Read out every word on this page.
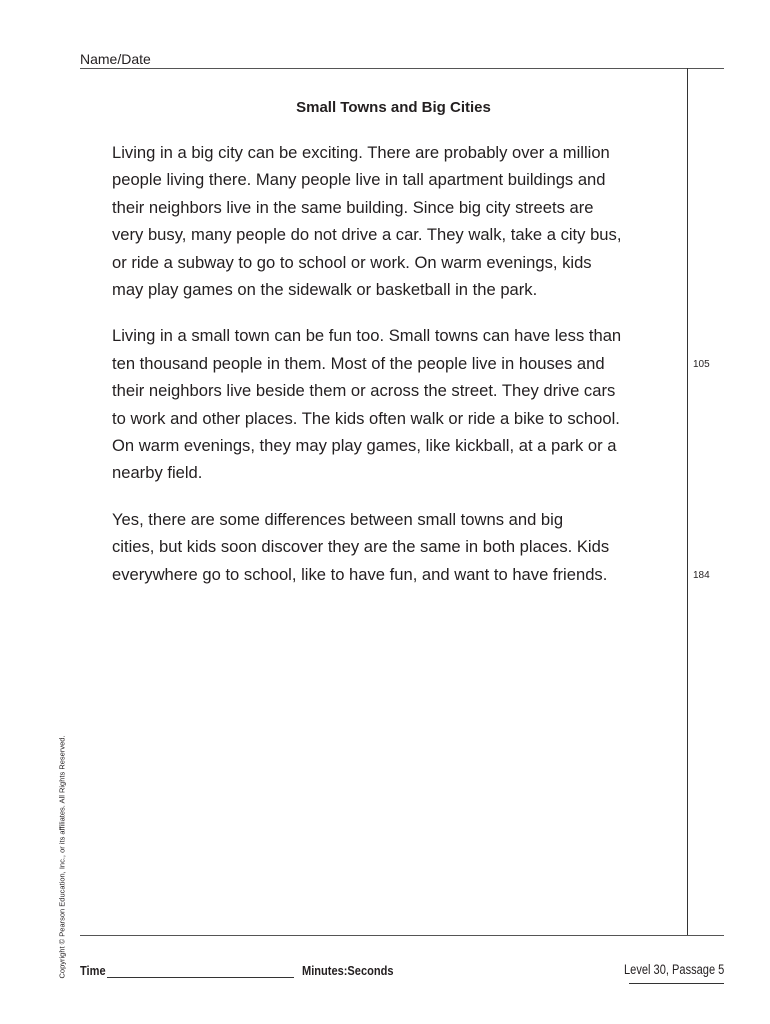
Name/Date
Small Towns and Big Cities
Living in a big city can be exciting. There are probably over a million
people living there. Many people live in tall apartment buildings and
their neighbors live in the same building. Since big city streets are
very busy, many people do not drive a car. They walk, take a city bus,
or ride a subway to go to school or work. On warm evenings, kids
may play games on the sidewalk or basketball in the park.
Living in a small town can be fun too. Small towns can have less than
ten thousand people in them. Most of the people live in houses and
their neighbors live beside them or across the street. They drive cars
to work and other places. The kids often walk or ride a bike to school.
On warm evenings, they may play games, like kickball, at a park or a
nearby field.
Yes, there are some differences between small towns and big
cities, but kids soon discover they are the same in both places. Kids
everywhere go to school, like to have fun, and want to have friends.
105
184
Copyright © Pearson Education, Inc., or its affiliates. All Rights Reserved. Time	Minutes:Seconds	Level 30, Passage 5
